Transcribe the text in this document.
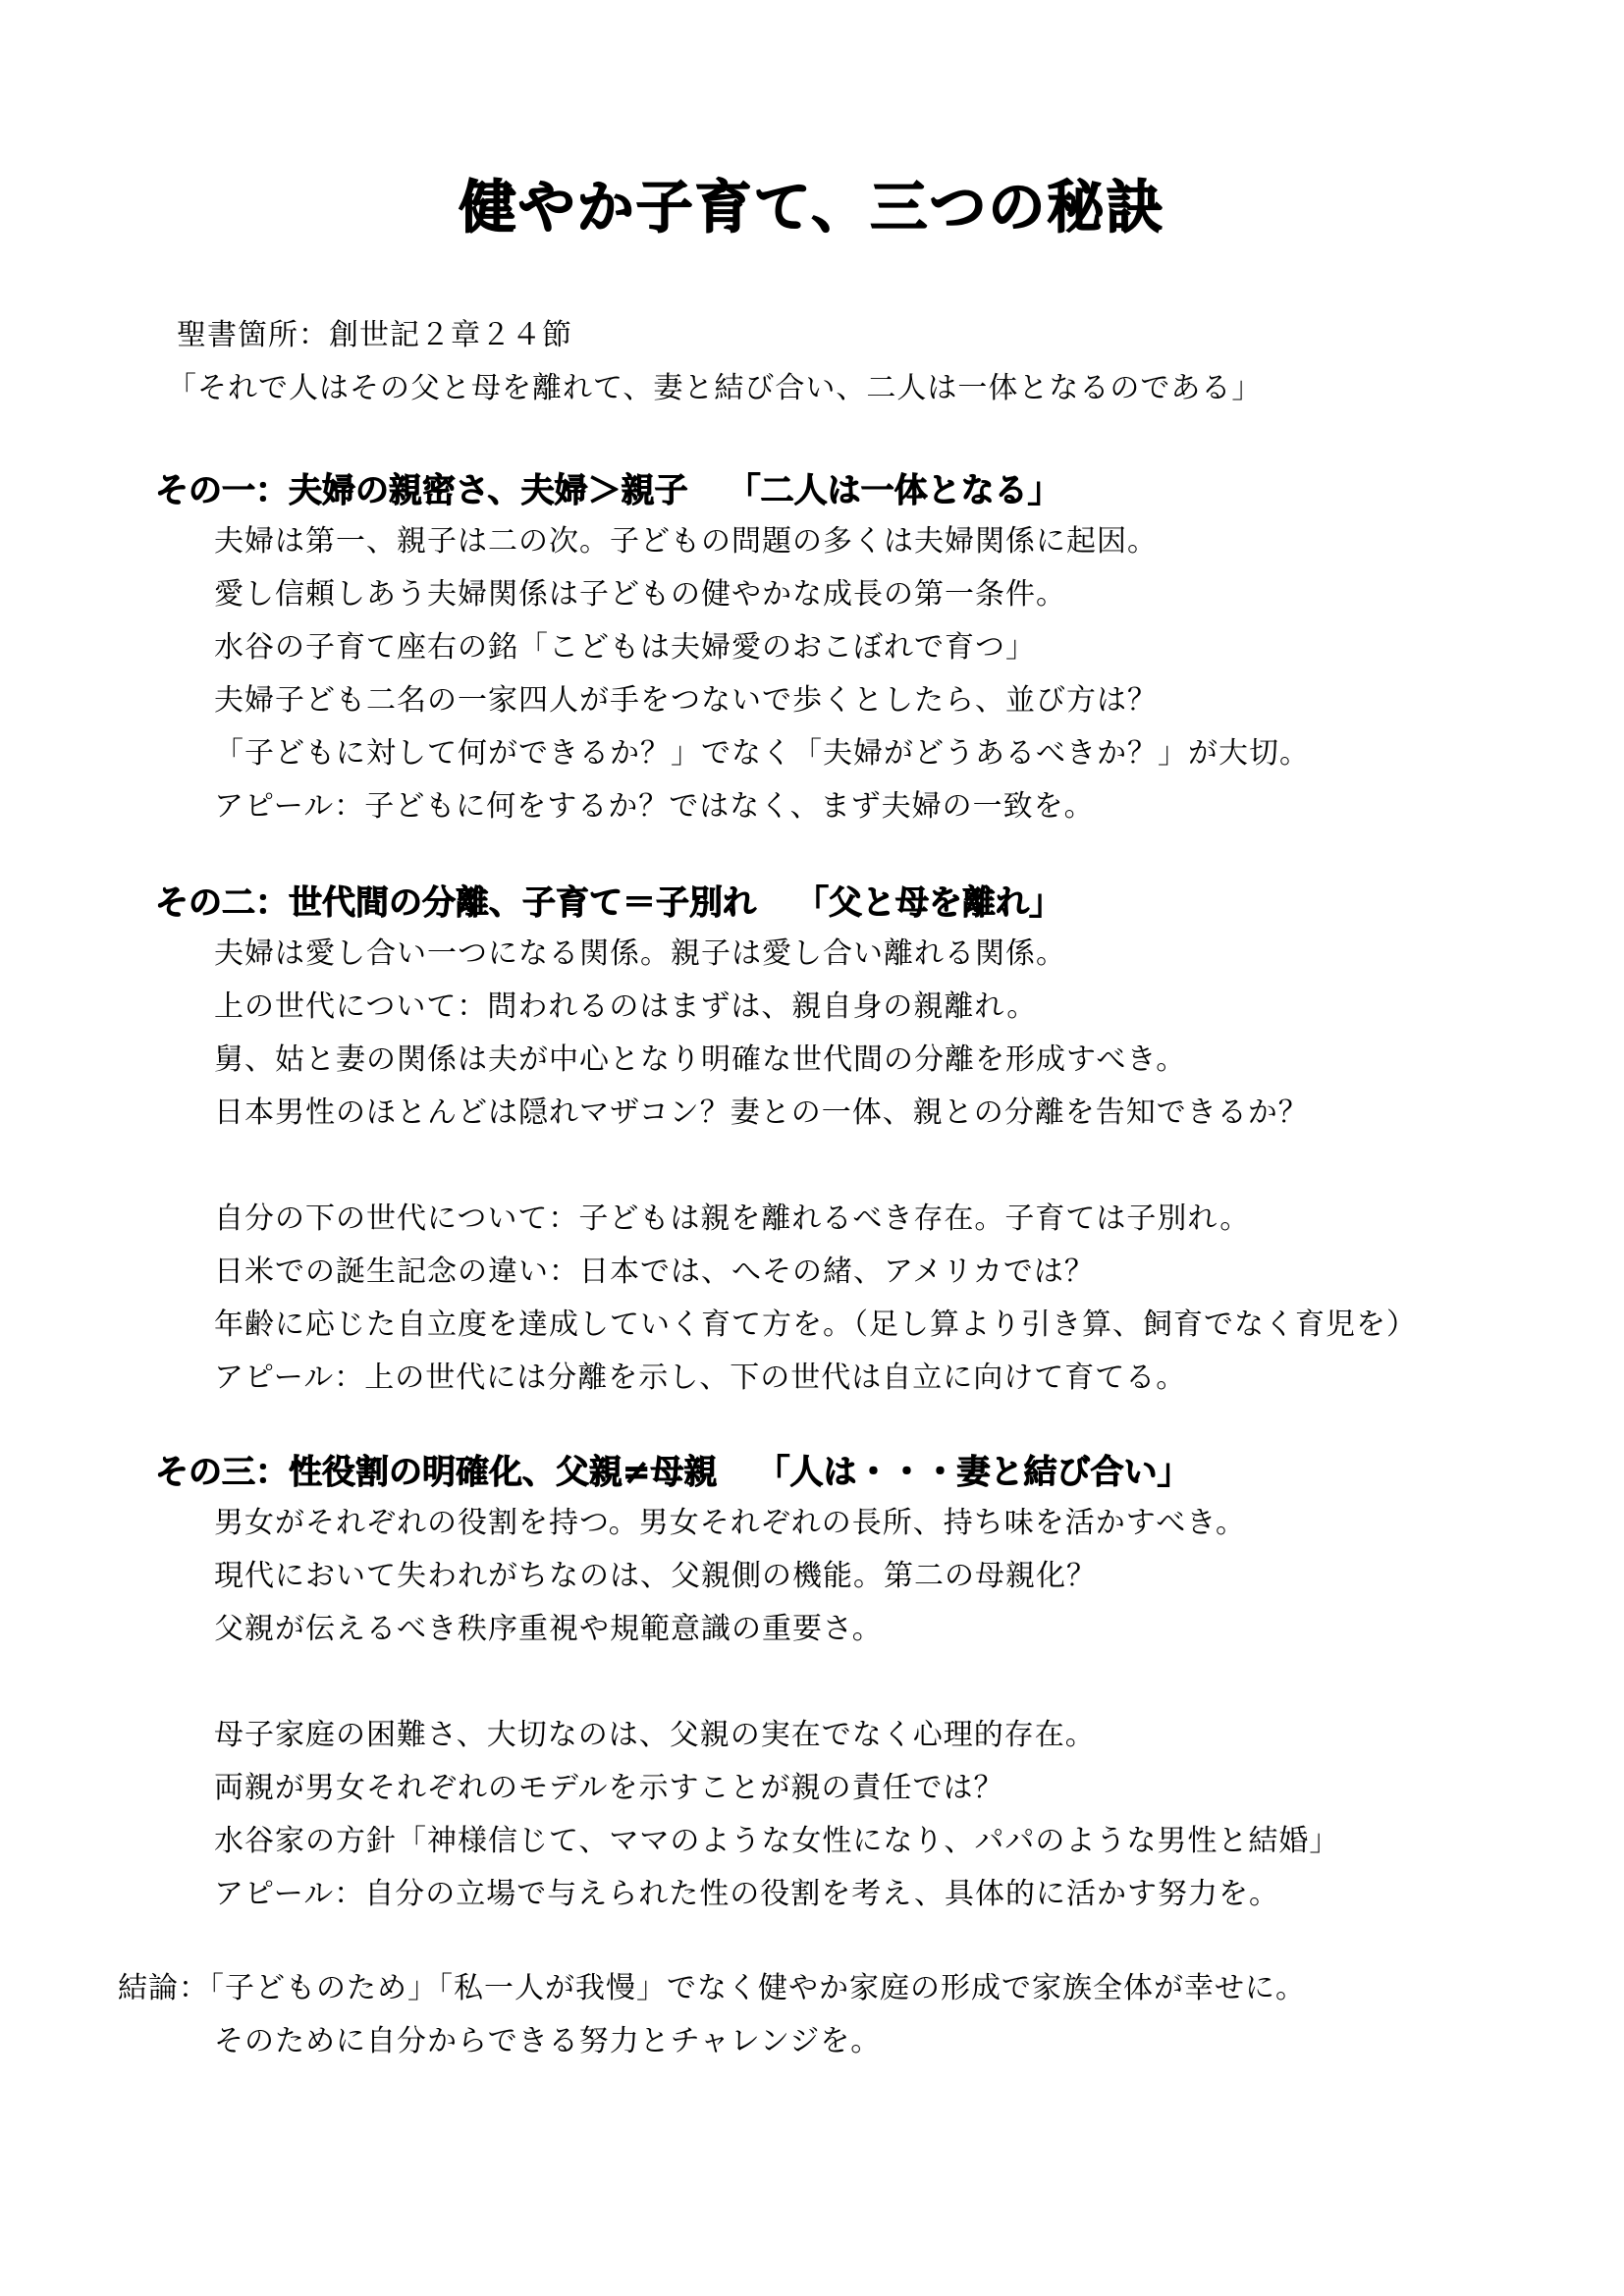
健やか子育て、三つの秘訣
聖書箇所：創世記２章２４節
「それで人はその父と母を離れて、妻と結び合い、二人は一体となるのである」
その一：夫婦の親密さ、夫婦＞親子 「二人は一体となる」
夫婦は第一、親子は二の次。子どもの問題の多くは夫婦関係に起因。
愛し信頼しあう夫婦関係は子どもの健やかな成長の第一条件。
水谷の子育て座右の銘「こどもは夫婦愛のおこぼれで育つ」
夫婦子ども二名の一家四人が手をつないで歩くとしたら、並び方は？
「子どもに対して何ができるか？」でなく「夫婦がどうあるべきか？」が大切。
アピール：子どもに何をするか？ではなく、まず夫婦の一致を。
その二：世代間の分離、子育て＝子別れ 「父と母を離れ」
夫婦は愛し合い一つになる関係。親子は愛し合い離れる関係。
上の世代について：問われるのはまずは、親自身の親離れ。
舅、姑と妻の関係は夫が中心となり明確な世代間の分離を形成すべき。
日本男性のほとんどは隠れマザコン？妻との一体、親との分離を告知できるか？
自分の下の世代について：子どもは親を離れるべき存在。子育ては子別れ。
日米での誕生記念の違い：日本では、へその緒、アメリカでは？
年齢に応じた自立度を達成していく育て方を。（足し算より引き算、飼育でなく育児を）
アピール：上の世代には分離を示し、下の世代は自立に向けて育てる。
その三：性役割の明確化、父親≠母親 「人は・・・妻と結び合い」
男女がそれぞれの役割を持つ。男女それぞれの長所、持ち味を活かすべき。
現代において失われがちなのは、父親側の機能。第二の母親化？
父親が伝えるべき秩序重視や規範意識の重要さ。
母子家庭の困難さ、大切なのは、父親の実在でなく心理的存在。
両親が男女それぞれのモデルを示すことが親の責任では？
水谷家の方針「神様信じて、ママのような女性になり、パパのような男性と結婚」
アピール：自分の立場で与えられた性の役割を考え、具体的に活かす努力を。
結論：「子どものため」「私一人が我慢」でなく健やか家庭の形成で家族全体が幸せに。
そのために自分からできる努力とチャレンジを。
